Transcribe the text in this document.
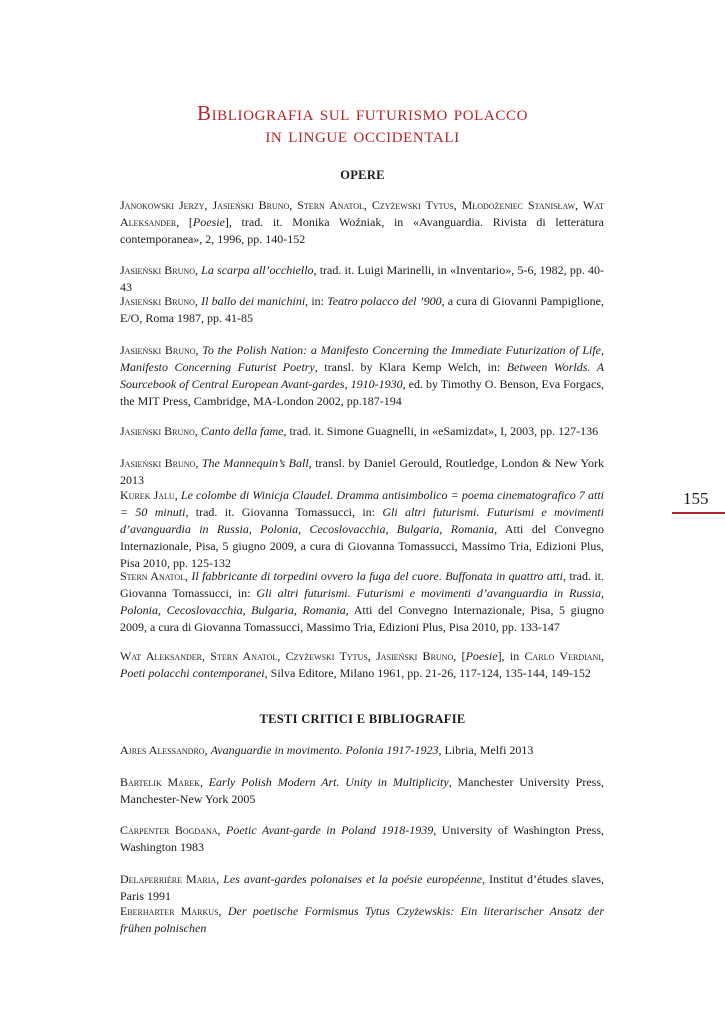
Bibliografia sul futurismo polacco
in lingue occidentali
OPERE

Janokowski Jerzy, Jasieński Bruno, Stern Anatol, Czyżewski Tytus, Młodożeniec Stanisław, Wat Aleksander, [Poesie], trad. it. Monika Woźniak, in «Avanguardia. Rivista di letteratura contemporanea», 2, 1996, pp. 140-152

Jasieński Bruno, La scarpa all’occhiello, trad. it. Luigi Marinelli, in «Inventario», 5-6, 1982, pp. 40-43

Jasieński Bruno, Il ballo dei manichini, in: Teatro polacco del ’900, a cura di Giovanni Pampiglione, E/O, Roma 1987, pp. 41-85

Jasieński Bruno, To the Polish Nation: a Manifesto Concerning the Immediate Futurization of Life, Manifesto Concerning Futurist Poetry, transl. by Klara Kemp Welch, in: Between Worlds. A Sourcebook of Central European Avant-gardes, 1910-1930, ed. by Timothy O. Benson, Eva Forgacs, the MIT Press, Cambridge, MA-London 2002, pp.187-194

Jasieński Bruno, Canto della fame, trad. it. Simone Guagnelli, in «eSamizdat», I, 2003, pp. 127-136

Jasieński Bruno, The Mannequin’s Ball, transl. by Daniel Gerould, Routledge, London & New York 2013

Kurek Jalu, Le colombe di Winicja Claudel. Dramma antisimbolico = poema cinematografico 7 atti = 50 minuti, trad. it. Giovanna Tomassucci, in: Gli altri futurismi. Futurismi e movimenti d’avanguardia in Russia, Polonia, Cecoslovacchia, Bulgaria, Romania, Atti del Convegno Internazionale, Pisa, 5 giugno 2009, a cura di Giovanna Tomassucci, Massimo Tria, Edizioni Plus, Pisa 2010, pp. 125-132

Stern Anatol, Il fabbricante di torpedini ovvero la fuga del cuore. Buffonata in quattro atti, trad. it. Giovanna Tomassucci, in: Gli altri futurismi. Futurismi e movimenti d’avanguardia in Russia, Polonia, Cecoslovacchia, Bulgaria, Romania, Atti del Convegno Internazionale, Pisa, 5 giugno 2009, a cura di Giovanna Tomassucci, Massimo Tria, Edizioni Plus, Pisa 2010, pp. 133-147

Wat Aleksander, Stern Anatol, Czyżewski Tytus, Jasieński Bruno, [Poesie], in Carlo Verdiani, Poeti polacchi contemporanei, Silva Editore, Milano 1961, pp. 21-26, 117-124, 135-144, 149-152

TESTI CRITICI E BIBLIOGRAFIE

Ajres Alessandro, Avanguardie in movimento. Polonia 1917-1923, Libria, Melfi 2013

Bartelik Marek, Early Polish Modern Art. Unity in Multiplicity, Manchester University Press, Manchester-New York 2005

Carpenter Bogdana, Poetic Avant-garde in Poland 1918-1939, University of Washington Press, Washington 1983

Delaperrière Maria, Les avant-gardes polonaises et la poésie européenne, Institut d’études slaves, Paris 1991

Eberharter Markus, Der poetische Formismus Tytus Czyżewskis: Ein literarischer Ansatz der frühen polnischen

155
